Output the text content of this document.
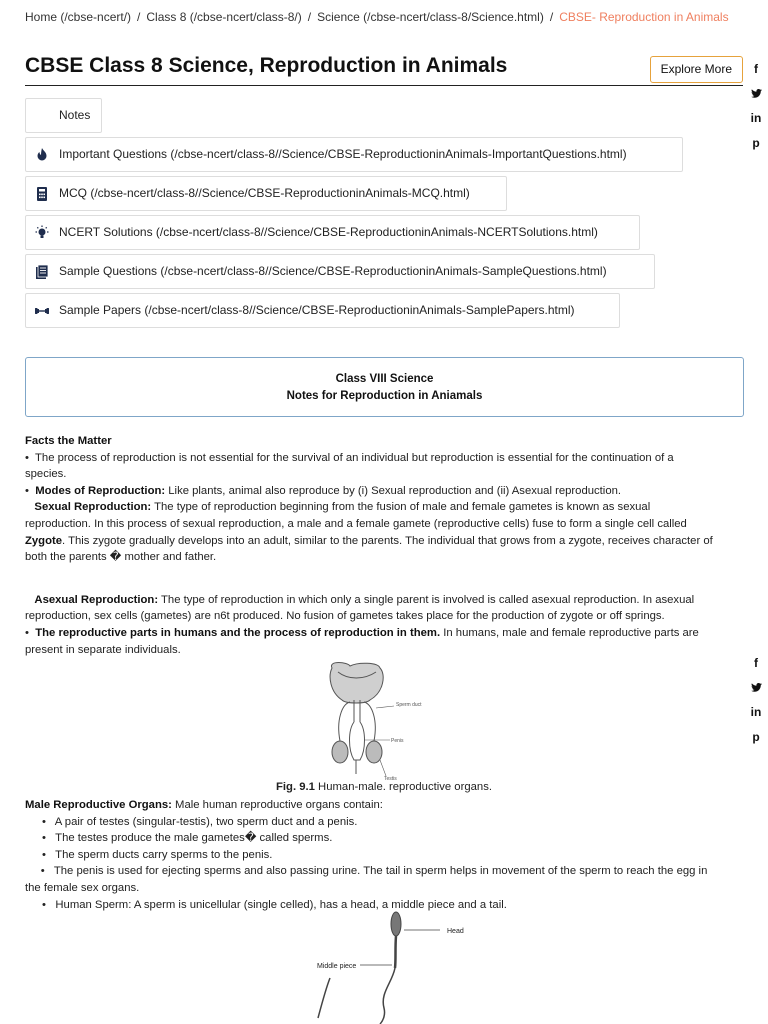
Home (/cbse-ncert/) / Class 8 (/cbse-ncert/class-8/) / Science (/cbse-ncert/class-8/Science.html) / CBSE- Reproduction in Animals
CBSE Class 8 Science, Reproduction in Animals	Explore More	f
in
p
f
in
p
Notes
Important Questions (/cbse-ncert/class-8//Science/CBSE-ReproductioninAnimals-ImportantQuestions.html)
MCQ (/cbse-ncert/class-8//Science/CBSE-ReproductioninAnimals-MCQ.html)
NCERT Solutions (/cbse-ncert/class-8//Science/CBSE-ReproductioninAnimals-NCERTSolutions.html)
Sample Questions (/cbse-ncert/class-8//Science/CBSE-ReproductioninAnimals-SampleQuestions.html)
Sample Papers (/cbse-ncert/class-8//Science/CBSE-ReproductioninAnimals-SamplePapers.html)
Class VIII Science
Notes for Reproduction in Aniamals
Facts the Matter
•  The process of reproduction is not essential for the survival of an individual but reproduction is essential for the continuation of a species.
•  Modes of Reproduction: Like plants, animal also reproduce by (i) Sexual reproduction and (ii) Asexual reproduction.
Sexual Reproduction: The type of reproduction beginning from the fusion of male and female gametes is known as sexual reproduction. In this process of sexual reproduction, a male and a female gamete (reproductive cells) fuse to form a single cell called Zygote. This zygote gradually develops into an adult, similar to the parents. The individual that grows from a zygote, receives character of both the parents � mother and father.
Asexual Reproduction: The type of reproduction in which only a single parent is involved is called asexual reproduction. In asexual reproduction, sex cells (gametes) are n6t produced. No fusion of gametes takes place for the production of zygote or off springs.
•  The reproductive parts in humans and the process of reproduction in them. In humans, male and female reproductive parts are present in separate individuals.
Sperm duct
Penis
Testis
Fig. 9.1 Human-male. reproductive organs.
Male Reproductive Organs: Male human reproductive organs contain:
•   A pair of testes (singular-testis), two sperm duct and a penis.
•   The testes produce the male gametes� called sperms.
•   The sperm ducts carry sperms to the penis.
•   The penis is used for ejecting sperms and also passing urine. The tail in sperm helps in movement of the sperm to reach the egg in the female sex organs.
•   Human Sperm: A sperm is unicellular (single celled), has a head, a middle piece and a tail.
Head
Middle piece
